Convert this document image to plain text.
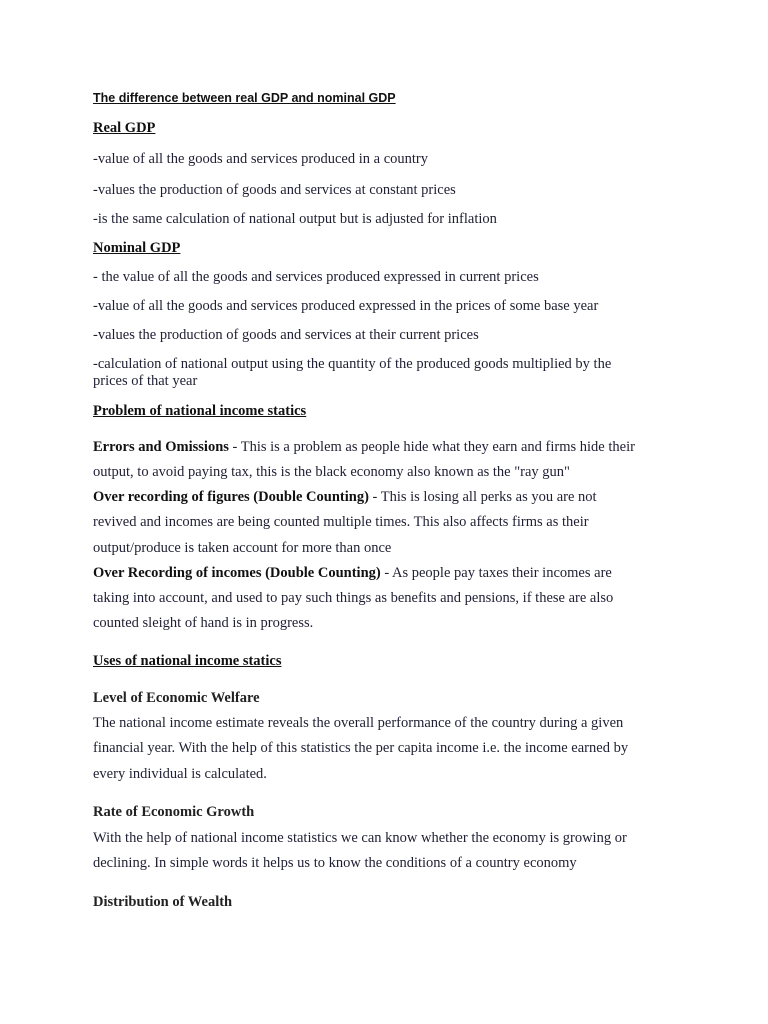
The difference between real GDP and nominal GDP
Real GDP
-value of all the goods and services produced in a country
-values the production of goods and services at constant prices
-is the same calculation of national output but is adjusted for inflation
Nominal GDP
- the value of all the goods and services produced expressed in current prices
-value of all the goods and services produced expressed in the prices of some base year
-values the production of goods and services at their current prices
-calculation of national output using the quantity of the produced goods multiplied by the
prices of that year
Problem of national income statics
Errors and Omissions - This is a problem as people hide what they earn and firms hide their
output, to avoid paying tax, this is the black economy also known as the "ray gun"
Over recording of figures (Double Counting) - This is losing all perks as you are not
revived and incomes are being counted multiple times. This also affects firms as their
output/produce is taken account for more than once
Over Recording of incomes (Double Counting) - As people pay taxes their incomes are
taking into account, and used to pay such things as benefits and pensions, if these are also
counted sleight of hand is in progress.
Uses of national income statics
Level of Economic Welfare
The national income estimate reveals the overall performance of the country during a given
financial year. With the help of this statistics the per capita income i.e. the income earned by
every individual is calculated.
Rate of Economic Growth
With the help of national income statistics we can know whether the economy is growing or
declining. In simple words it helps us to know the conditions of a country economy
Distribution of Wealth
